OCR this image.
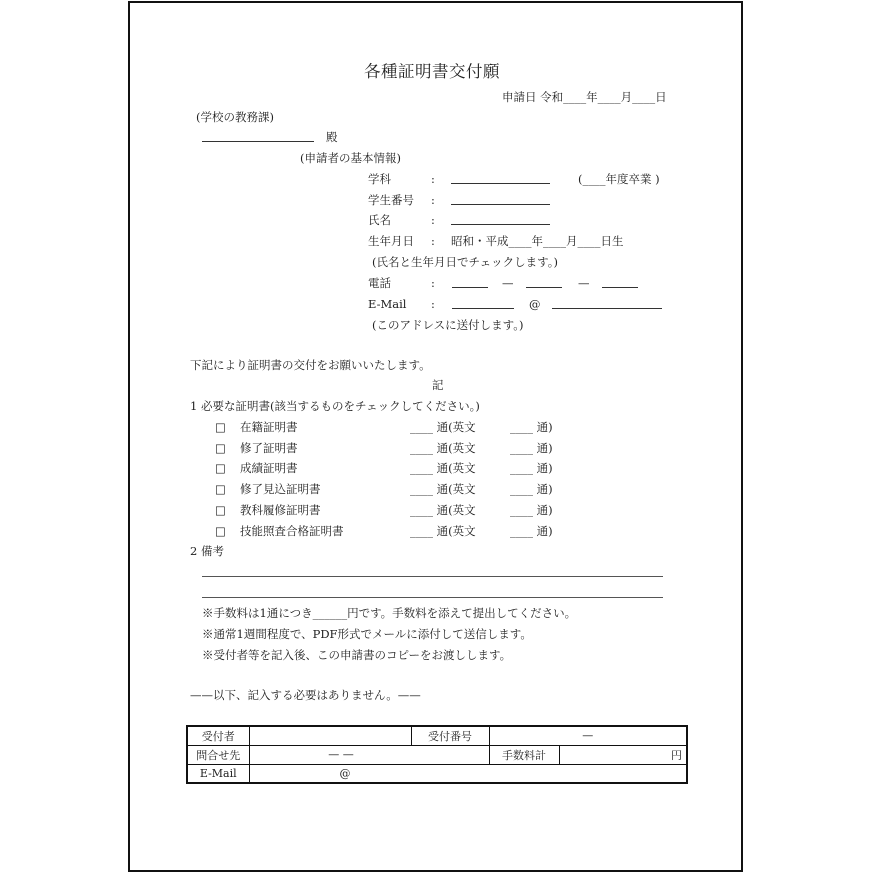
各種証明書交付願
申請日 令和____年____月____日
(学校の教務課)
殿
(申請者の基本情報)
学科	:	(____年度卒業 )
学生番号 :
氏名	:
生年月日 : 昭和・平成____年____月____日生
(氏名と生年月日でチェックします。)
電話	:	—	—
E-Mail :	@
(このアドレスに送付します。)
下記により証明書の交付をお願いいたします。
記
1 必要な証明書(該当するものをチェックしてください。)
□ 在籍証明書	____ 通(英文	____ 通)
□ 修了証明書	____ 通(英文	____ 通)
□ 成績証明書	____ 通(英文	____ 通)
□ 修了見込証明書	____ 通(英文	____ 通)
□ 教科履修証明書	____ 通(英文	____ 通)
□ 技能照査合格証明書	____ 通(英文	____ 通)
2 備考
※手数料は1通につき______円です。手数料を添えて提出してください。
※通常1週間程度で、PDF形式でメールに添付して送信します。
※受付者等を記入後、この申請書のコピーをお渡しします。
——以下、記入する必要はありません。——
受付者		受付番号	—	
問合せ先	— —		手数料計	円
E-Mail	@			
